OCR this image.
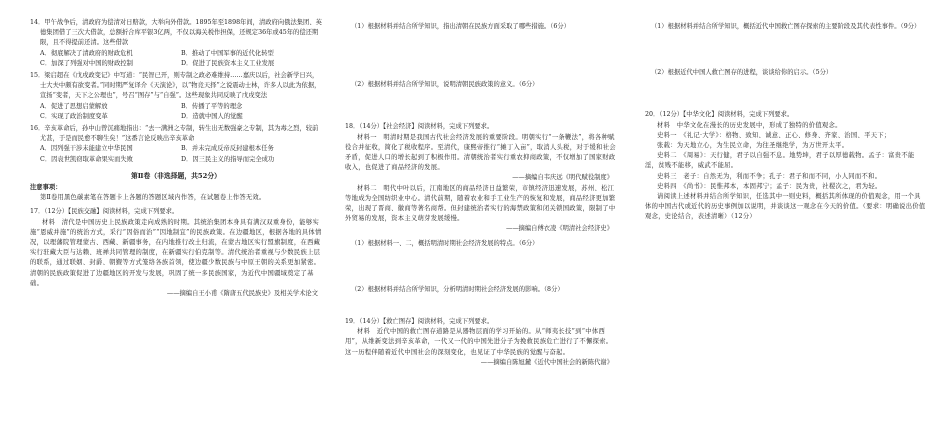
14．甲午战争后，清政府为偿清对日赔款，大举向外借款。1895年至1898年间，清政府向俄法集团、英德集团借了三次大借款，总额折合库平银3亿两，不仅以海关税作担保，还规定36年或45年的偿还期限，且不得提前还清。这些借款
A．彻底解决了清政府的财政危机	B．推动了中国军事的近代化转型
C．加深了列强对中国的财政控制	D．促进了民族资本主义工业发展
15．梁启超在《戊戌政变记》中写道：“民智已开，则专制之政必难维持……嘉庆以后，社会新学日兴，士大夫中颇有欲变者。”同时期严复译介《天演论》，以“物竞天择”之说震动士林，许多人以此为依据，宣扬“变者，天下之公理也”，号召“图存”与“自强”。这些现象共同反映了戊戌变法
A．促进了思想启蒙解放	B．传播了平等的理念
C．实现了政治制度变革	D．造就中国人的觉醒
16．辛亥革命后，孙中山曾沉痛地指出：“去一满洲之专制，转生出无数强豪之专制，其为毒之烈，较前尤甚，于是而民愈不聊生矣！”这番言论反映出辛亥革命
A．因列强干涉未能建立中华民国	B．并未完成反帝反封建根本任务
C．因袁世凯窃取革命果实而失败	D．因三民主义的指导而完全成功
第Ⅱ卷（非选择题，共52分）
注意事项：
第Ⅱ卷用黑色碳素笔在答题卡上各题的答题区域内作答，在试题卷上作答无效。
17．（12分）【民族交融】阅读材料，完成下列要求。
材料　清代是中国历史上民族政策走向成熟的时期。其统治集团本身具有满汉双重身份，能够实施“恩威并施”的统治方式，采行“因俗而治”“因地制宜”的民族政策。在边疆地区，根据各地的具体情况，以理藩院管理蒙古、西藏、新疆事务，在内地推行改土归流，在蒙古地区实行盟旗制度，在西藏实行驻藏大臣与达赖、班禅共同管理的制度，在新疆实行伯克制等。清代统治者重视与少数民族上层的联系，通过联姻、封爵、朝觐等方式笼络各族首领，使边疆少数民族与中原王朝的关系更加紧密。清朝的民族政策促进了边疆地区的开发与发展，巩固了统一多民族国家，为近代中国疆域奠定了基础。
——摘编自王小甫《隋唐五代民族史》及相关学术论文
（1）根据材料并结合所学知识，指出清朝在民族方面采取了哪些措施。（6分）
（2）根据材料并结合所学知识，说明清朝民族政策的意义。（6分）
18．（14分）【社会经济】阅读材料，完成下列要求。
材料一　明清时期是我国古代社会经济发展的重要阶段。明朝实行“一条鞭法”，将各种赋役合并征收，简化了税收程序。至清代，康熙帝推行“摊丁入亩”，取消人头税，对于缓和社会矛盾，促进人口的增长起到了积极作用。清朝统治者实行重农抑商政策，不仅增加了国家财政收入，也促进了商品经济的发展。
——摘编自韦庆远《明代赋役制度》
材料二　明代中叶以后，江南地区的商品经济日益繁荣，市镇经济迅速发展，苏州、松江等地成为全国纺织业中心。清代前期，随着农业和手工业生产的恢复和发展，商品经济更加繁荣，出现了晋商、徽商等著名商帮。但封建统治者实行的海禁政策和闭关锁国政策，限制了中外贸易的发展，资本主义萌芽发展缓慢。
——摘编自傅衣凌《明清社会经济史》
（1）根据材料一、二，概括明清时期社会经济发展的特点。（6分）
（2）根据材料并结合所学知识，分析明清时期社会经济发展的影响。（8分）
19．（14分）【救亡图存】阅读材料，完成下列要求。
材料　近代中国的救亡图存道路是从器物层面的学习开始的。从“师夷长技”到“中体西用”，从维新变法到辛亥革命，一代又一代的中国先进分子为挽救民族危亡进行了不懈探索。这一历程伴随着近代中国社会的深刻变化，也见证了中华民族的觉醒与奋起。
——摘编自陈旭麓《近代中国社会的新陈代谢》
（1）根据材料并结合所学知识，概括近代中国救亡图存探索的主要阶段及其代表性事件。（9分）
（2）根据近代中国人救亡图存的进程，谈谈给你的启示。（5分）
20．（12分）【中华文化】阅读材料，完成下列要求。
材料　中华文化在漫长的历史发展中，形成了独特的价值观念。
史料一　《礼记·大学》：格物、致知、诚意、正心、修身、齐家、治国、平天下；
张载：为天地立心，为生民立命，为往圣继绝学，为万世开太平。
史料二　《周易》：天行健，君子以自强不息。地势坤，君子以厚德载物。孟子：富贵不能淫，贫贱不能移，威武不能屈。
史料三　老子：自然无为，利而不争；孔子：君子和而不同，小人同而不和。
史料四　《尚书》：民惟邦本，本固邦宁；孟子：民为贵，社稷次之，君为轻。
请阅读上述材料并结合所学知识，任选其中一则史料，概括其所体现的价值观念，用一个具体的中国古代或近代的历史事例加以说明，并谈谈这一观念在今天的价值。（要求：明确说出价值观念，史论结合，表述清晰）（12分）
